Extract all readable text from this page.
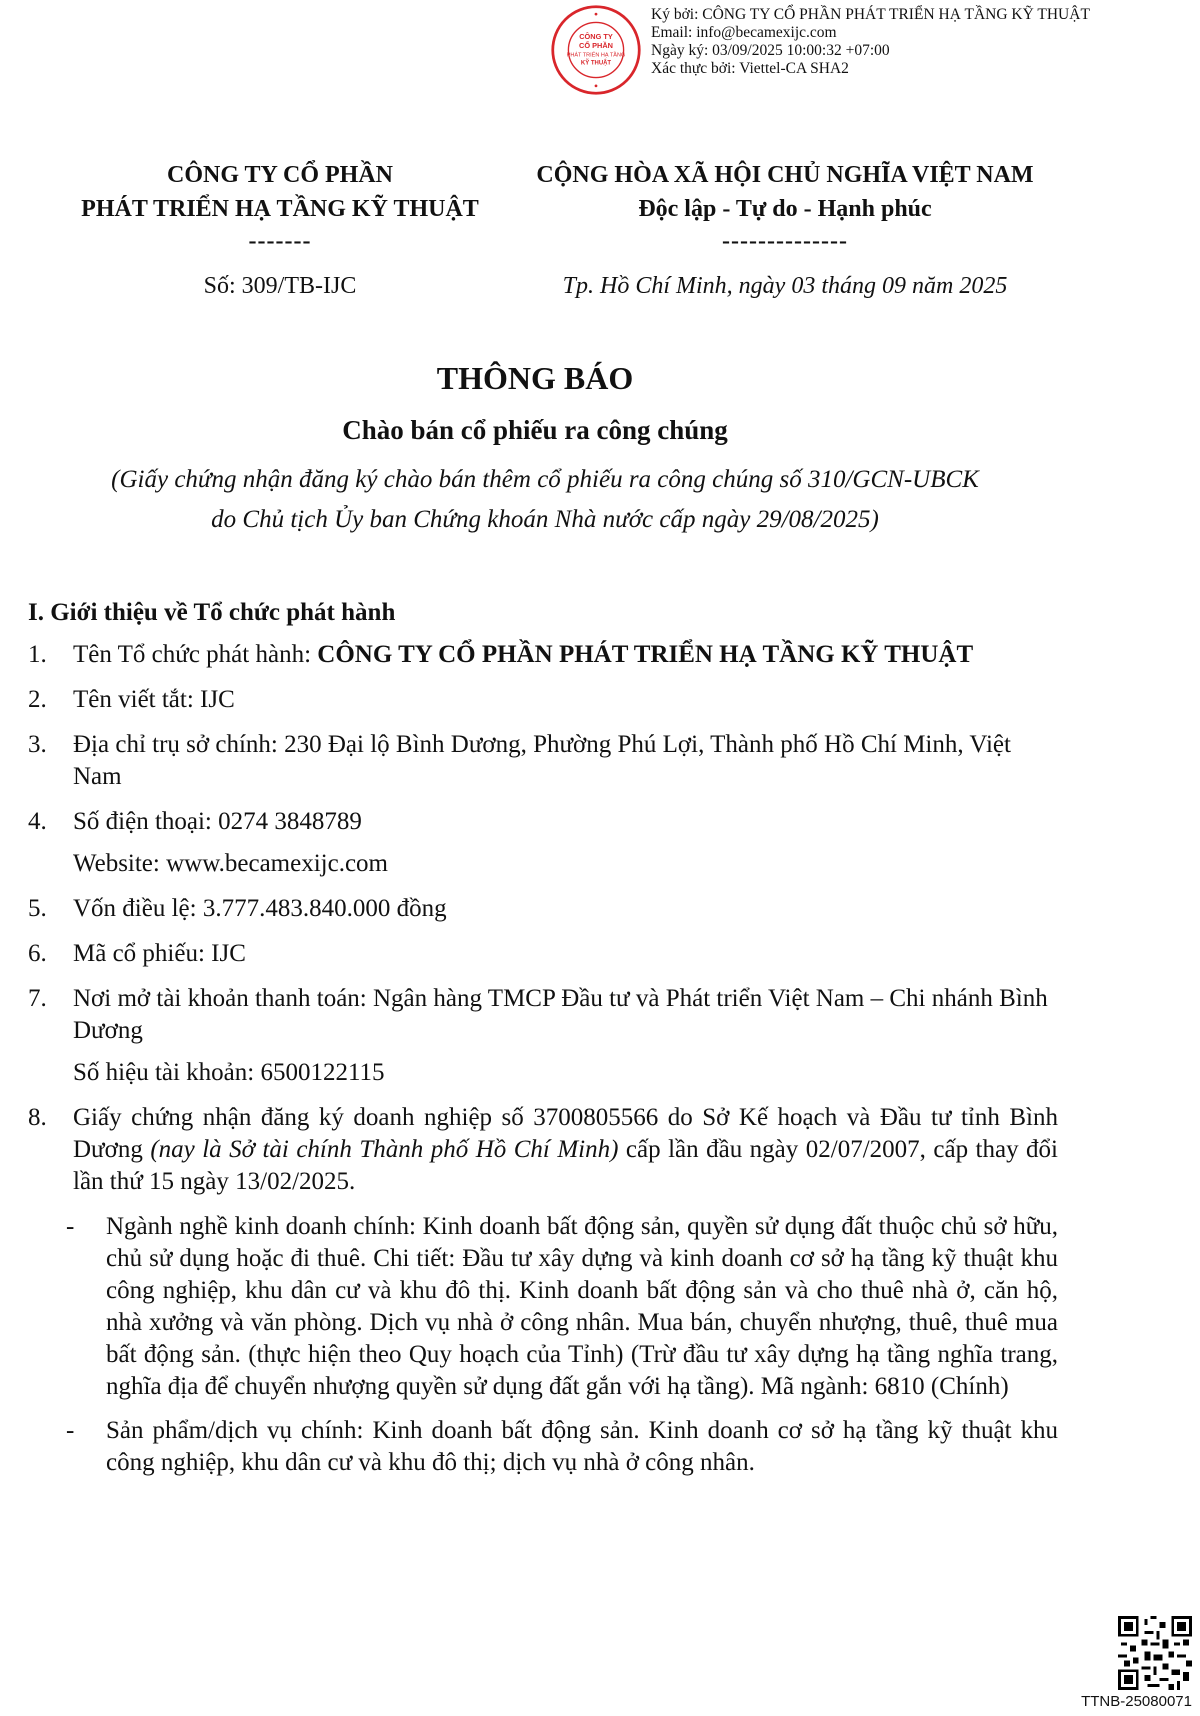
CÔNG TY
CỔ PHẦN
PHÁT TRIỂN HẠ TẦNG
KỸ THUẬT
Ký bởi: CÔNG TY CỔ PHẦN PHÁT TRIỂN HẠ TẦNG KỸ THUẬT
Email: info@becamexijc.com
Ngày ký: 03/09/2025 10:00:32 +07:00
Xác thực bởi: Viettel-CA SHA2
CÔNG TY CỔ PHẦN
PHÁT TRIỂN HẠ TẦNG KỸ THUẬT
-------
CỘNG HÒA XÃ HỘI CHỦ NGHĨA VIỆT NAM
Độc lập - Tự do - Hạnh phúc
--------------
Số: 309/TB-IJC	Tp. Hồ Chí Minh, ngày 03 tháng 09 năm 2025
THÔNG BÁO
Chào bán cổ phiếu ra công chúng
(Giấy chứng nhận đăng ký chào bán thêm cổ phiếu ra công chúng số 310/GCN-UBCK
do Chủ tịch Ủy ban Chứng khoán Nhà nước cấp ngày 29/08/2025)
I. Giới thiệu về Tổ chức phát hành
1. Tên Tổ chức phát hành: CÔNG TY CỔ PHẦN PHÁT TRIỂN HẠ TẦNG KỸ THUẬT
2. Tên viết tắt: IJC
3. Địa chỉ trụ sở chính: 230 Đại lộ Bình Dương, Phường Phú Lợi, Thành phố Hồ Chí Minh, Việt Nam
4. Số điện thoại: 0274 3848789
Website: www.becamexijc.com
5. Vốn điều lệ: 3.777.483.840.000 đồng
6. Mã cổ phiếu: IJC
7. Nơi mở tài khoản thanh toán: Ngân hàng TMCP Đầu tư và Phát triển Việt Nam – Chi nhánh Bình Dương
Số hiệu tài khoản: 6500122115
8. Giấy chứng nhận đăng ký doanh nghiệp số 3700805566 do Sở Kế hoạch và Đầu tư tỉnh Bình Dương (nay là Sở tài chính Thành phố Hồ Chí Minh) cấp lần đầu ngày 02/07/2007, cấp thay đổi lần thứ 15 ngày 13/02/2025.
- Ngành nghề kinh doanh chính: Kinh doanh bất động sản, quyền sử dụng đất thuộc chủ sở hữu, chủ sử dụng hoặc đi thuê. Chi tiết: Đầu tư xây dựng và kinh doanh cơ sở hạ tầng kỹ thuật khu công nghiệp, khu dân cư và khu đô thị. Kinh doanh bất động sản và cho thuê nhà ở, căn hộ, nhà xưởng và văn phòng. Dịch vụ nhà ở công nhân. Mua bán, chuyển nhượng, thuê, thuê mua bất động sản. (thực hiện theo Quy hoạch của Tỉnh) (Trừ đầu tư xây dựng hạ tầng nghĩa trang, nghĩa địa để chuyển nhượng quyền sử dụng đất gắn với hạ tầng). Mã ngành: 6810 (Chính)
- Sản phẩm/dịch vụ chính: Kinh doanh bất động sản. Kinh doanh cơ sở hạ tầng kỹ thuật khu công nghiệp, khu dân cư và khu đô thị; dịch vụ nhà ở công nhân.
TTNB-25080071
